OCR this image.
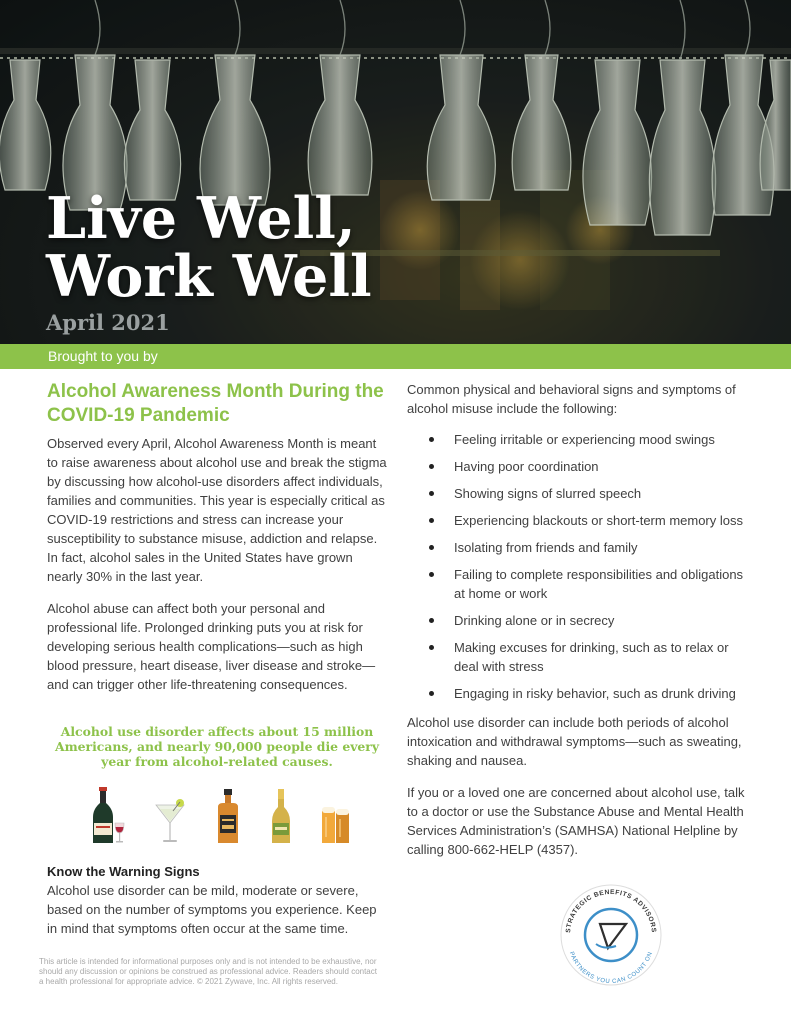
Live Well,
Work Well
April 2021
Brought to you by
Alcohol Awareness Month During the COVID-19 Pandemic

Observed every April, Alcohol Awareness Month is meant to raise awareness about alcohol use and break the stigma by discussing how alcohol-use disorders affect individuals, families and communities. This year is especially critical as COVID-19 restrictions and stress can increase your susceptibility to substance misuse, addiction and relapse. In fact, alcohol sales in the United States have grown nearly 30% in the last year.

Alcohol abuse can affect both your personal and professional life. Prolonged drinking puts you at risk for developing serious health complications—such as high blood pressure, heart disease, liver disease and stroke—and can trigger other life-threatening consequences.

Alcohol use disorder affects about 15 million Americans, and nearly 90,000 people die every year from alcohol-related causes.
Know the Warning Signs

Alcohol use disorder can be mild, moderate or severe, based on the number of symptoms you experience. Keep in mind that symptoms often occur at the same time.

Common physical and behavioral signs and symptoms of alcohol misuse include the following:

Feeling irritable or experiencing mood swings
Having poor coordination
Showing signs of slurred speech
Experiencing blackouts or short-term memory loss
Isolating from friends and family
Failing to complete responsibilities and obligations at home or work
Drinking alone or in secrecy
Making excuses for drinking, such as to relax or deal with stress
Engaging in risky behavior, such as drunk driving

Alcohol use disorder can include both periods of alcohol intoxication and withdrawal symptoms—such as sweating, shaking and nausea.

If you or a loved one are concerned about alcohol use, talk to a doctor or use the Substance Abuse and Mental Health Services Administration’s (SAMHSA) National Helpline by calling 800-662-HELP (4357).

This article is intended for informational purposes only and is not intended to be exhaustive, nor should any discussion or opinions be construed as professional advice. Readers should contact a health professional for appropriate advice. © 2021 Zywave, Inc. All rights reserved.
STRATEGIC BENEFITS ADVISORS
PARTNERS YOU CAN COUNT ON
